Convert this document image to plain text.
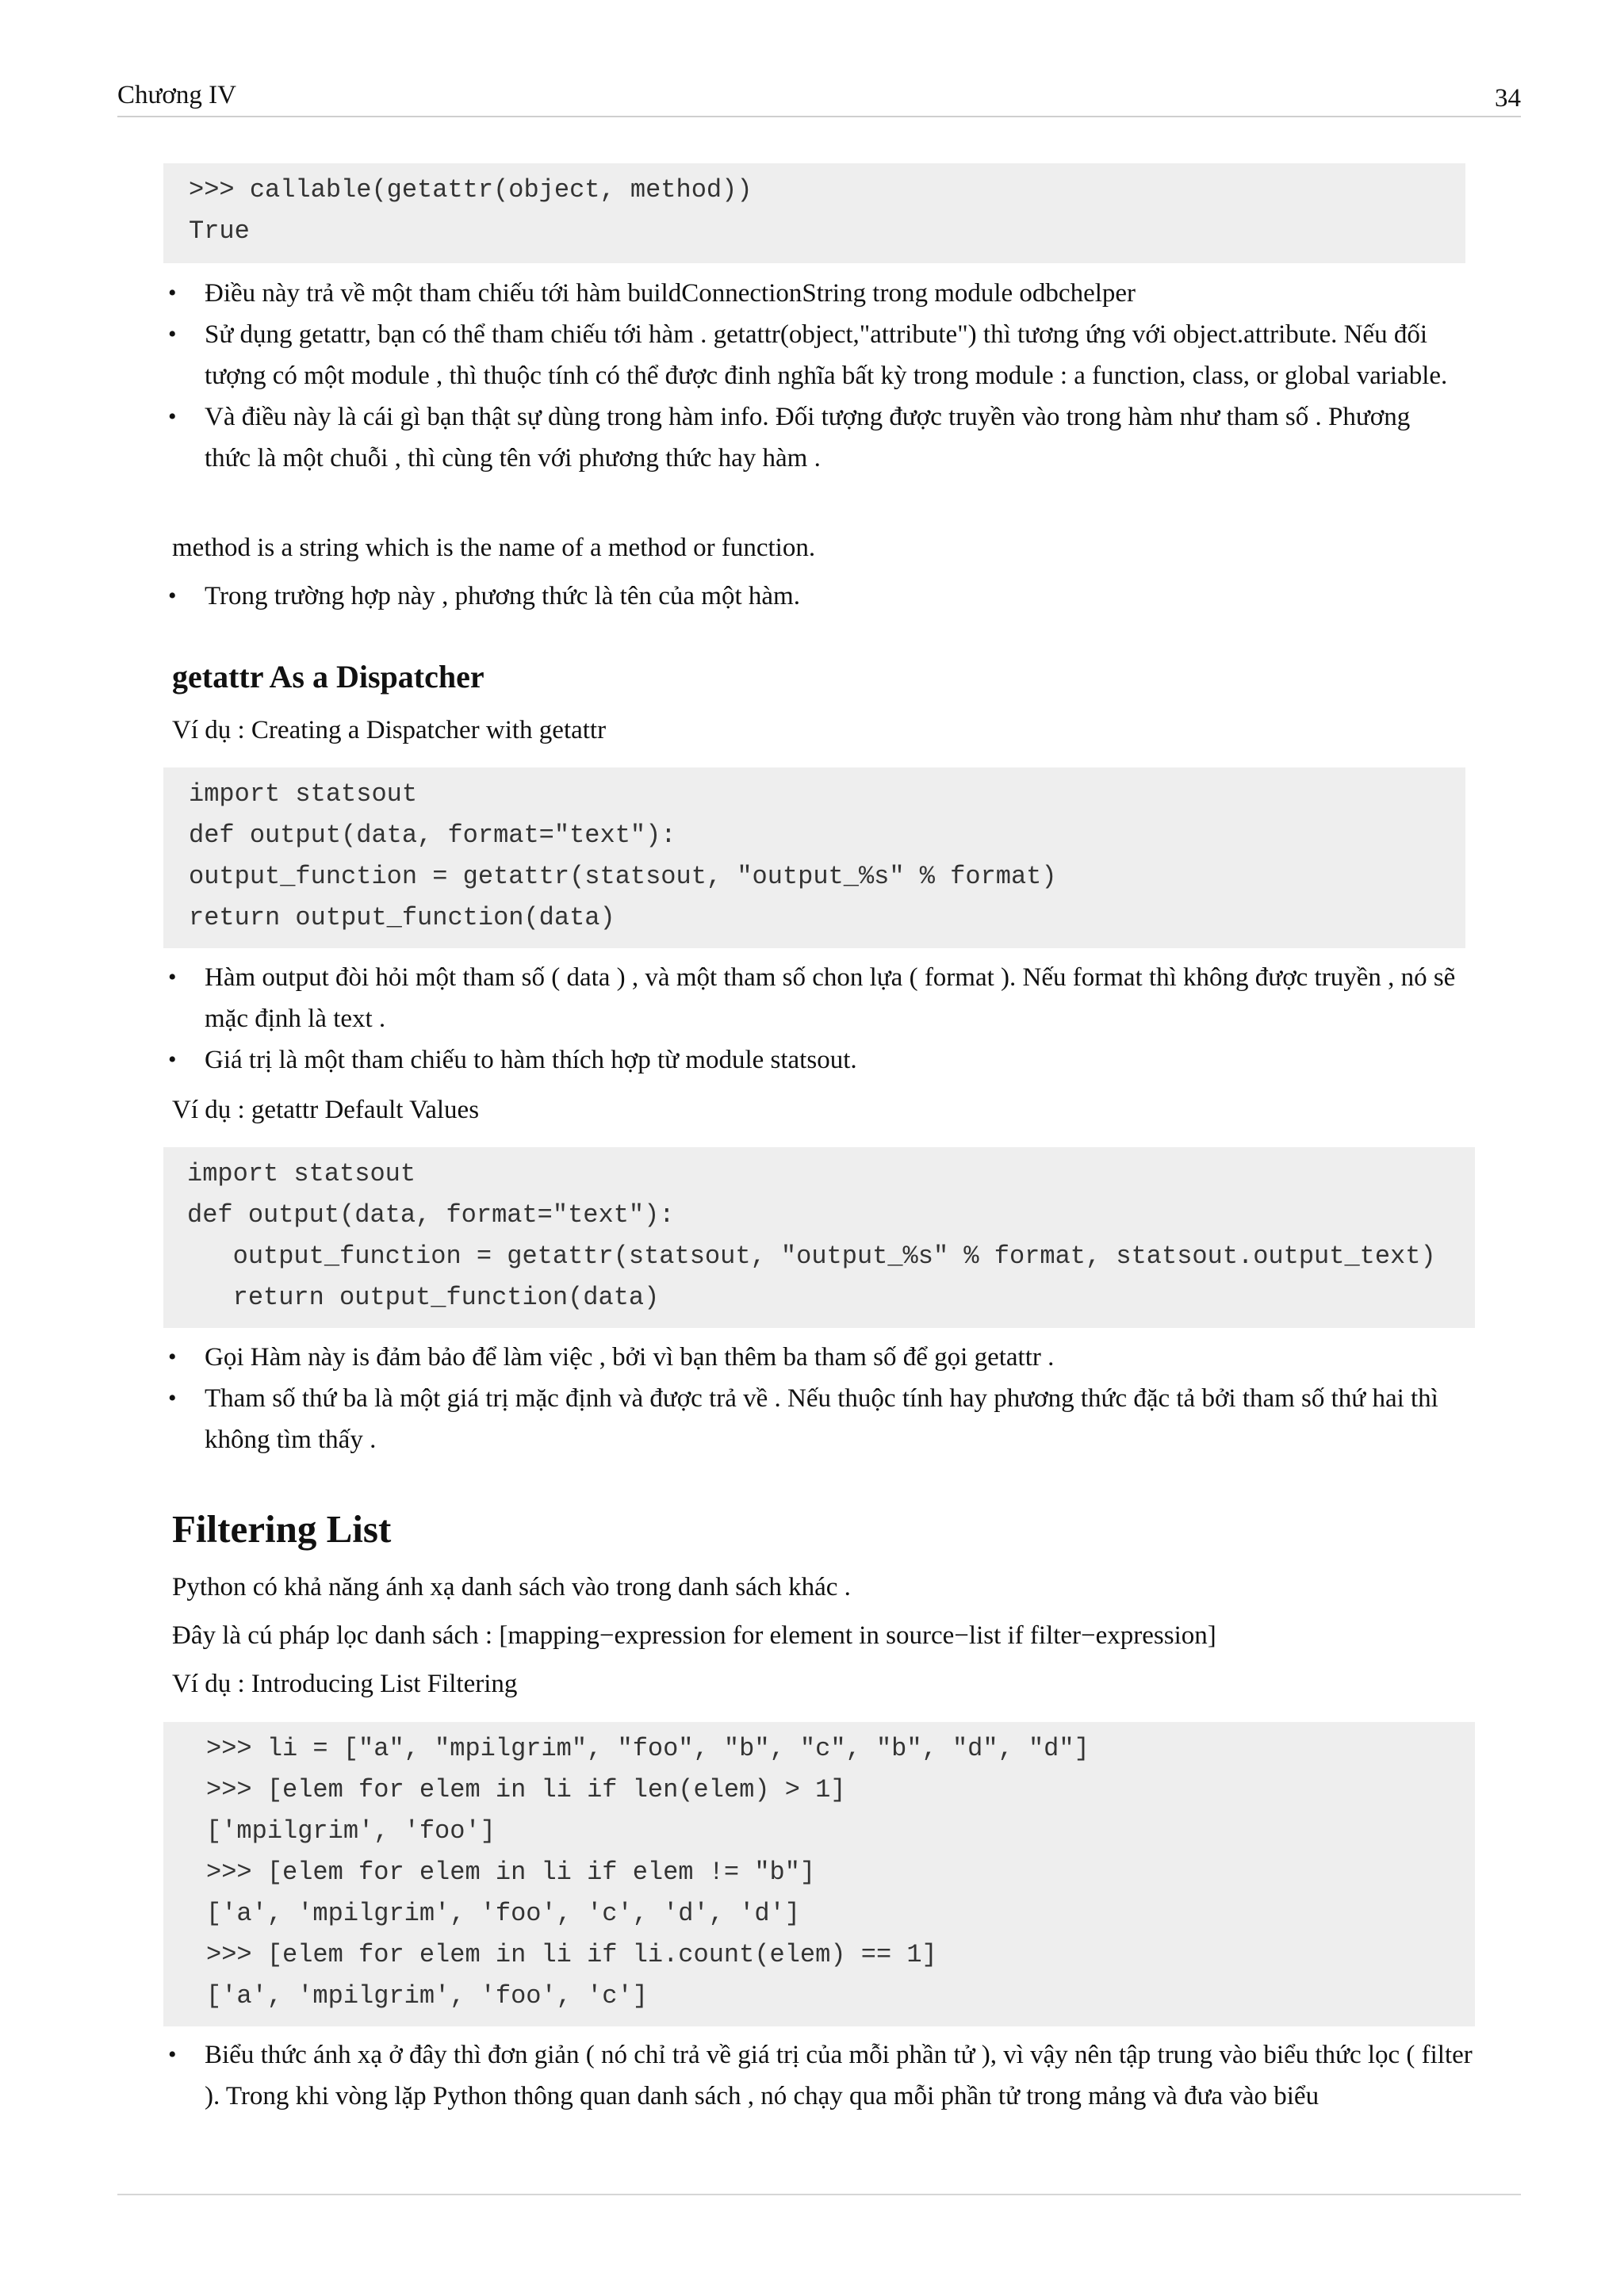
Chương IV	34
>>> callable(getattr(object, method))
True
• Điều này trả về một tham chiếu tới hàm buildConnectionString trong module odbchelper
• Sử dụng getattr, bạn có thể tham chiếu tới hàm . getattr(object,"attribute") thì tương ứng với object.attribute. Nếu đối tượng có một module , thì thuộc tính có thể được đinh nghĩa bất kỳ trong module : a function, class, or global variable.
• Và điều này là cái gì bạn thật sự dùng trong hàm info. Đối tượng được truyền vào trong hàm như tham số . Phương thức là một chuỗi , thì cùng tên với phương thức hay hàm .
method is a string which is the name of a method or function.
• Trong trường hợp này , phương thức là tên của một hàm.
getattr As a Dispatcher
Ví dụ : Creating a Dispatcher with getattr
import statsout
def output(data, format="text"):
output_function = getattr(statsout, "output_%s" % format)
return output_function(data)
• Hàm output đòi hỏi một tham số ( data ) , và một tham số chon lựa ( format ). Nếu format thì không được truyền , nó sẽ mặc định là text .
• Giá trị là một tham chiếu to hàm thích hợp từ module statsout.
Ví dụ : getattr Default Values
import statsout
def output(data, format="text"):
output_function = getattr(statsout, "output_%s" % format, statsout.output_text)
return output_function(data)
• Gọi Hàm này is đảm bảo để làm việc , bởi vì bạn thêm ba tham số để gọi getattr .
• Tham số thứ ba là một giá trị mặc định và được trả về . Nếu thuộc tính hay phương thức đặc tả bởi tham số thứ hai thì không tìm thấy .
Filtering List
Python có khả năng ánh xạ danh sách vào trong danh sách khác .
Đây là cú pháp lọc danh sách : [mapping−expression for element in source−list if filter−expression]
Ví dụ : Introducing List Filtering
>>> li = ["a", "mpilgrim", "foo", "b", "c", "b", "d", "d"]
>>> [elem for elem in li if len(elem) > 1]
['mpilgrim', 'foo']
>>> [elem for elem in li if elem != "b"]
['a', 'mpilgrim', 'foo', 'c', 'd', 'd']
>>> [elem for elem in li if li.count(elem) == 1]
['a', 'mpilgrim', 'foo', 'c']
• Biểu thức ánh xạ ở đây thì đơn giản ( nó chỉ trả về giá trị của mỗi phần tử ), vì vậy nên tập trung vào biểu thức lọc ( filter ). Trong khi vòng lặp Python thông quan danh sách , nó chạy qua mỗi phần tử trong mảng và đưa vào biểu
